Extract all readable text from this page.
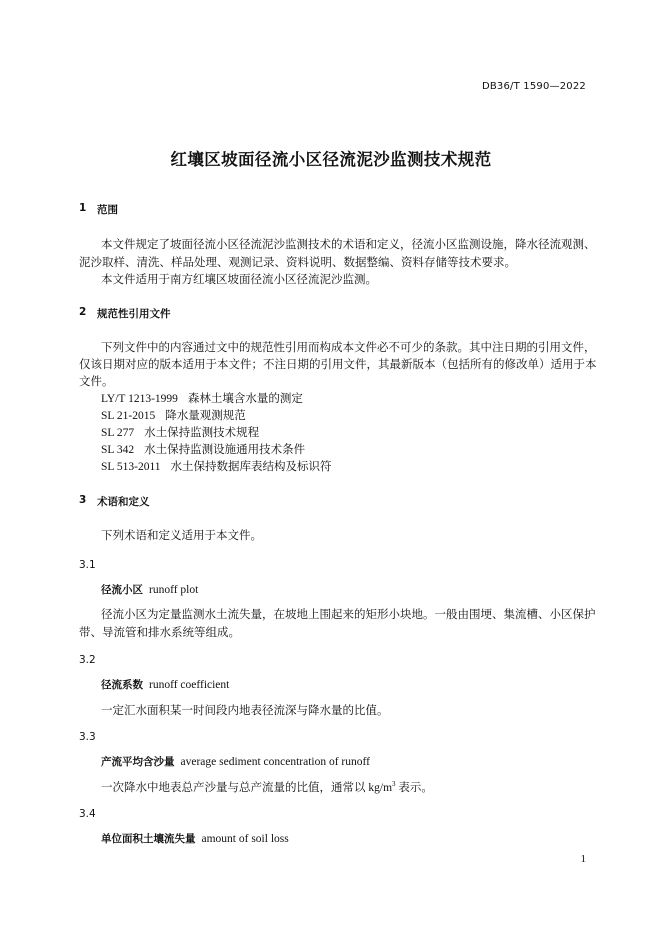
DB36/T 1590—2022
红壤区坡面径流小区径流泥沙监测技术规范
1 范围
本文件规定了坡面径流小区径流泥沙监测技术的术语和定义，径流小区监测设施，降水径流观测、
泥沙取样、清洗、样品处理、观测记录、资料说明、数据整编、资料存储等技术要求。
本文件适用于南方红壤区坡面径流小区径流泥沙监测。
2 规范性引用文件
下列文件中的内容通过文中的规范性引用而构成本文件必不可少的条款。其中注日期的引用文件，
仅该日期对应的版本适用于本文件；不注日期的引用文件，其最新版本（包括所有的修改单）适用于本
文件。
LY/T 1213-1999 森林土壤含水量的测定
SL 21-2015 降水量观测规范
SL 277 水土保持监测技术规程
SL 342 水土保持监测设施通用技术条件
SL 513-2011 水土保持数据库表结构及标识符
3 术语和定义
下列术语和定义适用于本文件。
3.1
径流小区 runoff plot
径流小区为定量监测水土流失量，在坡地上围起来的矩形小块地。一般由围埂、集流槽、小区保护
带、导流管和排水系统等组成。
3.2
径流系数 runoff coefficient
一定汇水面积某一时间段内地表径流深与降水量的比值。
3.3
产流平均含沙量 average sediment concentration of runoff
一次降水中地表总产沙量与总产流量的比值，通常以 $kg/m^3$ 表示。
3.4
单位面积土壤流失量 amount of soil loss
1
